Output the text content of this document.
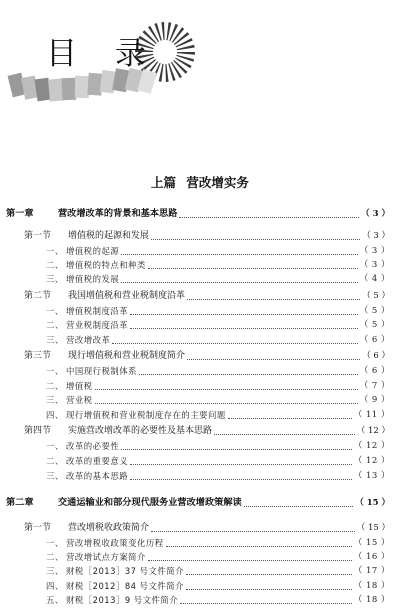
目 录
上篇 营改增实务
第一章	营改增改革的背景和基本思路	（ 3 ）
第一节	增值税的起源和发展	（ 3 ）
一、 增值税的起源	（ 3 ）
二、 增值税的特点和种类	（ 3 ）
三、 增值税的发展	（ 4 ）
第二节	我国增值税和营业税制度沿革	（ 5 ）
一、 增值税制度沿革	（ 5 ）
二、 营业税制度沿革	（ 5 ）
三、 营改增改革	（ 6 ）
第三节	现行增值税和营业税制度简介	（ 6 ）
一、 中国现行税制体系	（ 6 ）
二、 增值税	（ 7 ）
三、 营业税	（ 9 ）
四、 现行增值税和营业税制度存在的主要问题	（ 11 ）
第四节	实施营改增改革的必要性及基本思路	（ 12 ）
一、 改革的必要性	（ 12 ）
二、 改革的重要意义	（ 12 ）
三、 改革的基本思路	（ 13 ）
第二章	交通运输业和部分现代服务业营改增政策解读	（ 15 ）
第一节	营改增税收政策简介	（ 15 ）
一、 营改增税收政策变化历程	（ 15 ）
二、 营改增试点方案简介	（ 16 ）
三、 财税［2013］37 号文件简介	（ 17 ）
四、 财税［2012］84 号文件简介	（ 18 ）
五、 财税［2013］9 号文件简介	（ 18 ）
